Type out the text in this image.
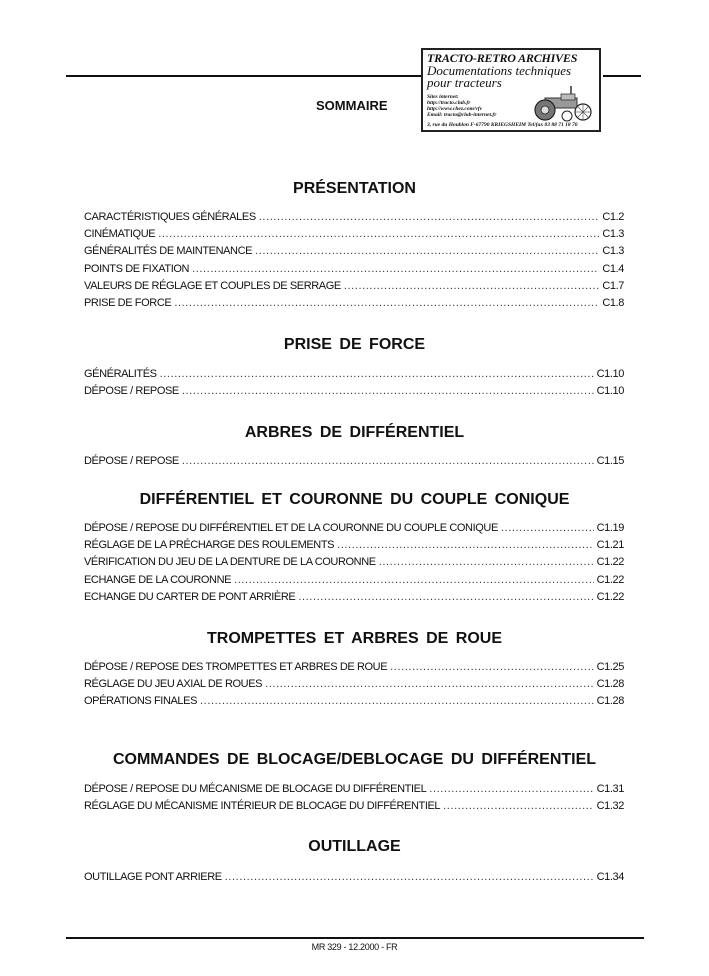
SOMMAIRE
TRACTO-RETRO ARCHIVES
Documentations techniques
pour tracteurs
Sites internet:
http://tracto.club.fr
http://www.chez.com/vfv
Email: tracto@club-internet.fr
3, rue du Houblon F-67790 KRIEGSHEIM Tel/fax 03 88 71 18 70
PRÉSENTATION
CARACTÉRISTIQUES GÉNÉRALES .....	C1.2
CINÉMATIQUE .....	C1.3
GÉNÉRALITÉS DE MAINTENANCE .....	C1.3
POINTS DE FIXATION .....	C1.4
VALEURS DE RÉGLAGE ET COUPLES DE SERRAGE .....	C1.7
PRISE DE FORCE .....	C1.8
PRISE DE FORCE
GÉNÉRALITÉS .....	C1.10
DÉPOSE / REPOSE .....	C1.10
ARBRES DE DIFFÉRENTIEL
DÉPOSE / REPOSE .....	C1.15
DIFFÉRENTIEL ET COURONNE DU COUPLE CONIQUE
DÉPOSE / REPOSE DU DIFFÉRENTIEL ET DE LA COURONNE DU COUPLE CONIQUE .....	C1.19
RÉGLAGE DE LA PRÉCHARGE DES ROULEMENTS .....	C1.21
VÉRIFICATION DU JEU DE LA DENTURE DE LA COURONNE .....	C1.22
ECHANGE DE LA COURONNE .....	C1.22
ECHANGE DU CARTER DE PONT ARRIÈRE .....	C1.22
TROMPETTES ET ARBRES DE ROUE
DÉPOSE / REPOSE DES TROMPETTES ET ARBRES DE ROUE .....	C1.25
RÉGLAGE DU JEU AXIAL DE ROUES .....	C1.28
OPÉRATIONS FINALES .....	C1.28
COMMANDES DE BLOCAGE/DEBLOCAGE DU DIFFÉRENTIEL
DÉPOSE / REPOSE DU MÉCANISME DE BLOCAGE DU DIFFÉRENTIEL .....	C1.31
RÉGLAGE DU MÉCANISME INTÉRIEUR DE BLOCAGE DU DIFFÉRENTIEL .....	C1.32
OUTILLAGE
OUTILLAGE PONT ARRIERE .....	C1.34
MR 329 - 12.2000 - FR
